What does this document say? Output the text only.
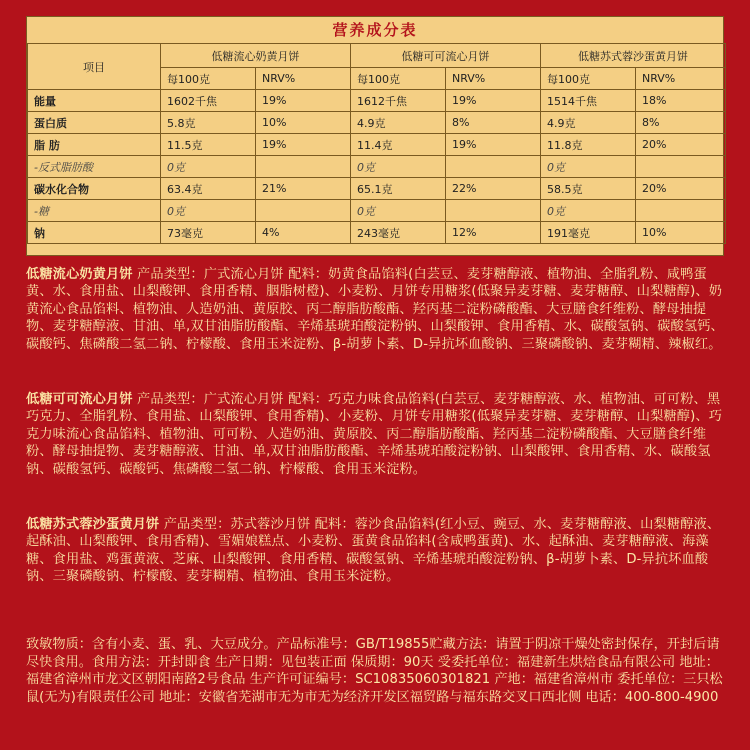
营养成分表
项目	低糖流心奶黄月饼		低糖可可流心月饼		低糖苏式蓉沙蛋黄月饼	
	每100克	NRV%	每100克	NRV%	每100克	NRV%
能量	1602千焦	19%	1612千焦	19%	1514千焦	18%
蛋白质	5.8克	10%	4.9克	8%	4.9克	8%
脂 肪	11.5克	19%	11.4克	19%	11.8克	20%
-反式脂肪酸	0克		0克		0克	
碳水化合物	63.4克	21%	65.1克	22%	58.5克	20%
-糖	0克		0克		0克	
钠	73毫克	4%	243毫克	12%	191毫克	10%
低糖流心奶黄月饼 产品类型：广式流心月饼 配料：奶黄食品馅料(白芸豆、麦芽糖醇液、植物油、全脂乳粉、咸鸭蛋黄、水、食用盐、山梨酸钾、食用香精、胭脂树橙)、小麦粉、月饼专用糖浆(低聚异麦芽糖、麦芽糖醇、山梨糖醇)、奶黄流心食品馅料、植物油、人造奶油、黄原胶、丙二醇脂肪酸酯、羟丙基二淀粉磷酸酯、大豆膳食纤维粉、酵母抽提物、麦芽糖醇液、甘油、单,双甘油脂肪酸酯、辛烯基琥珀酸淀粉钠、山梨酸钾、食用香精、水、碳酸氢钠、碳酸氢钙、碳酸钙、焦磷酸二氢二钠、柠檬酸、食用玉米淀粉、β-胡萝卜素、D-异抗坏血酸钠、三聚磷酸钠、麦芽糊精、辣椒红。
低糖可可流心月饼 产品类型：广式流心月饼 配料：巧克力味食品馅料(白芸豆、麦芽糖醇液、水、植物油、可可粉、黑巧克力、全脂乳粉、食用盐、山梨酸钾、食用香精)、小麦粉、月饼专用糖浆(低聚异麦芽糖、麦芽糖醇、山梨糖醇)、巧克力味流心食品馅料、植物油、可可粉、人造奶油、黄原胶、丙二醇脂肪酸酯、羟丙基二淀粉磷酸酯、大豆膳食纤维粉、酵母抽提物、麦芽糖醇液、甘油、单,双甘油脂肪酸酯、辛烯基琥珀酸淀粉钠、山梨酸钾、食用香精、水、碳酸氢钠、碳酸氢钙、碳酸钙、焦磷酸二氢二钠、柠檬酸、食用玉米淀粉。
低糖苏式蓉沙蛋黄月饼 产品类型：苏式蓉沙月饼 配料：蓉沙食品馅料(红小豆、豌豆、水、麦芽糖醇液、山梨糖醇液、起酥油、山梨酸钾、食用香精)、雪媚娘糕点、小麦粉、蛋黄食品馅料(含咸鸭蛋黄)、水、起酥油、麦芽糖醇液、海藻糖、食用盐、鸡蛋黄液、芝麻、山梨酸钾、食用香精、碳酸氢钠、辛烯基琥珀酸淀粉钠、β-胡萝卜素、D-异抗坏血酸钠、三聚磷酸钠、柠檬酸、麦芽糊精、植物油、食用玉米淀粉。
致敏物质：含有小麦、蛋、乳、大豆成分。产品标准号：GB/T19855贮藏方法：请置于阴凉干燥处密封保存，开封后请尽快食用。食用方法：开封即食 生产日期：见包装正面 保质期：90天 受委托单位：福建新生烘焙食品有限公司 地址：福建省漳州市龙文区朝阳南路2号食品 生产许可证编号：SC10835060301821 产地：福建省漳州市 委托单位：三只松鼠(无为)有限责任公司 地址：安徽省芜湖市无为市无为经济开发区福贸路与福东路交叉口西北侧 电话：400-800-4900
